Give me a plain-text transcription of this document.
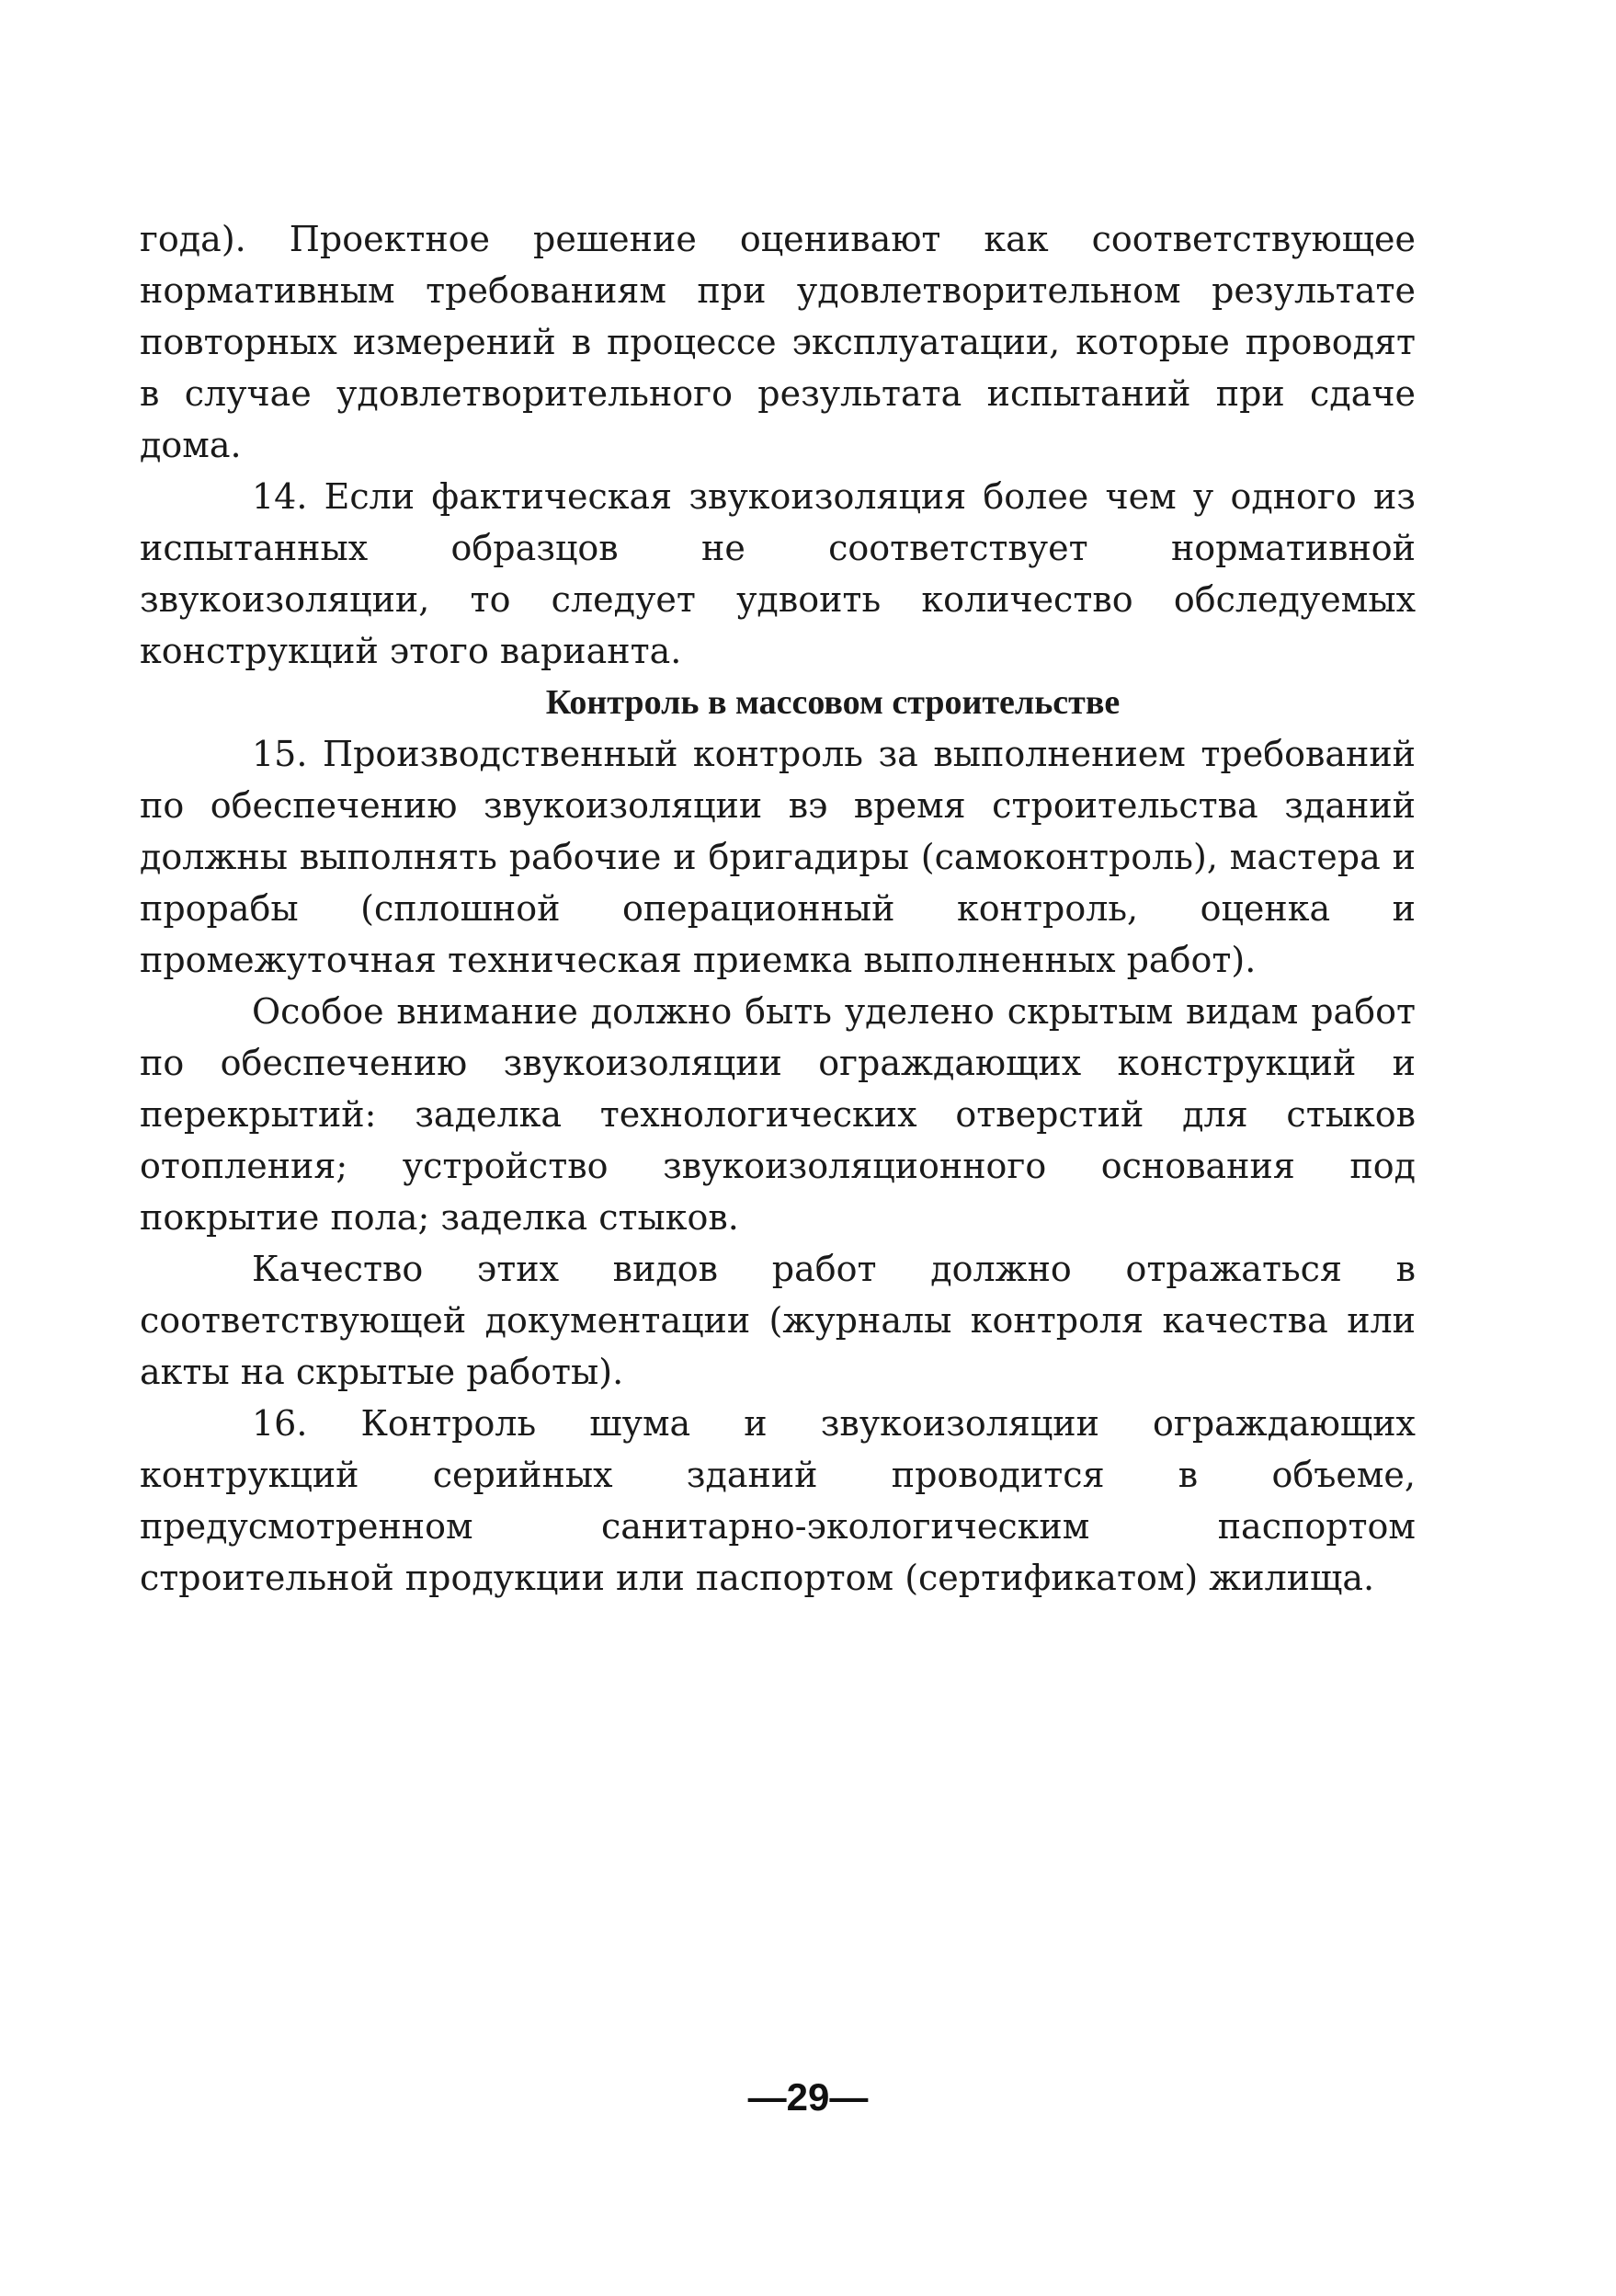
года). Проектное решение оценивают как соответствующее нормативным требованиям при удовлетворительном результате повторных измерений в процессе эксплуатации, которые проводят в случае удовлетворительного результата испытаний при сдаче дома.

14. Если фактическая звукоизоляция более чем у одного из испытанных образцов не соответствует нормативной звукоизоляции, то следует удвоить количество обследуемых конструкций этого варианта.

Контроль в массовом строительстве

15. Производственный контроль за выполнением требований по обеспечению звукоизоляции вэ время строительства зданий должны выполнять рабочие и бригадиры (самоконтроль), мастера и прорабы (сплошной операционный контроль, оценка и промежуточная техническая приемка выполненных работ).

Особое внимание должно быть уделено скрытым видам работ по обеспечению звукоизоляции ограждающих конструкций и перекрытий: заделка технологических отверстий для стыков отопления; устройство звукоизоляционного основания под покрытие пола; заделка стыков.

Качество этих видов работ должно отражаться в соответствующей документации (журналы контроля качества или акты на скрытые работы).

16. Контроль шума и звукоизоляции ограждающих контрукций серийных зданий проводится в объеме, предусмотренном санитарно-экологическим паспортом строительной продукции или паспортом (сертификатом) жилища.

—29—
